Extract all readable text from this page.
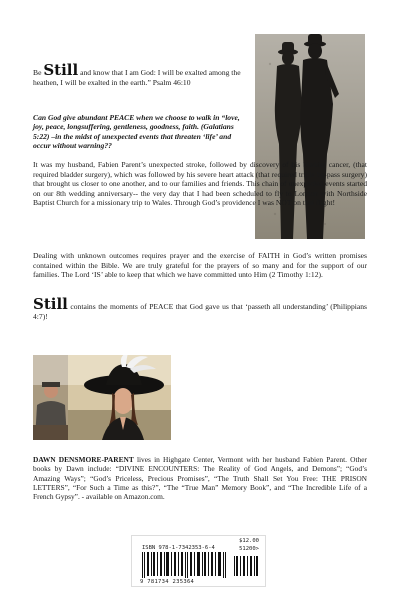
Be Still and know that I am God: I will be exalted among the heathen, I will be exalted in the earth.” Psalm 46:10
Can God give abundant PEACE when we choose to walk in “love, joy, peace, longsuffering, gentleness, goodness, faith. (Galatians 5:22) –in the midst of unexpected events that threaten ‘life’ and occur without warning??
It was my husband, Fabien Parent’s unexpected stroke, followed by discovery of his bladder cancer, (that required bladder surgery), which was followed by his severe heart attack (that required triple by-pass surgery) that brought us closer to one another, and to our families and friends. This chain of unexpected events started on our 8th wedding anniversary-- the very day that I had been scheduled to fly to London with Northside Baptist Church for a missionary trip to Wales. Through God’s providence I was NOT on that flight!
Dealing with unknown outcomes requires prayer and the exercise of FAITH in God’s written promises contained within the Bible. We are truly grateful for the prayers of so many and for the support of our families. The Lord ‘IS’ able to keep that which we have committed unto Him (2 Timothy 1:12).
Still contains the moments of PEACE that God gave us that ‘passeth all understanding’ (Philippians 4:7)!
DAWN DENSMORE-PARENT lives in Highgate Center, Vermont with her husband Fabien Parent. Other books by Dawn include: “DIVINE ENCOUNTERS: The Reality of God Angels, and Demons”; “God’s Amazing Ways”; “God’s Priceless, Precious Promises”, “The Truth Shall Set You Free: THE PRISON LETTERS”, “For Such a Time as this?”, “The “True Man” Memory Book”, and “The Incredible Life of a French Gypsy”. - available on Amazon.com.
$12.00
ISBN 978-1-7342353-6-4	51200>
9 781734 235364
